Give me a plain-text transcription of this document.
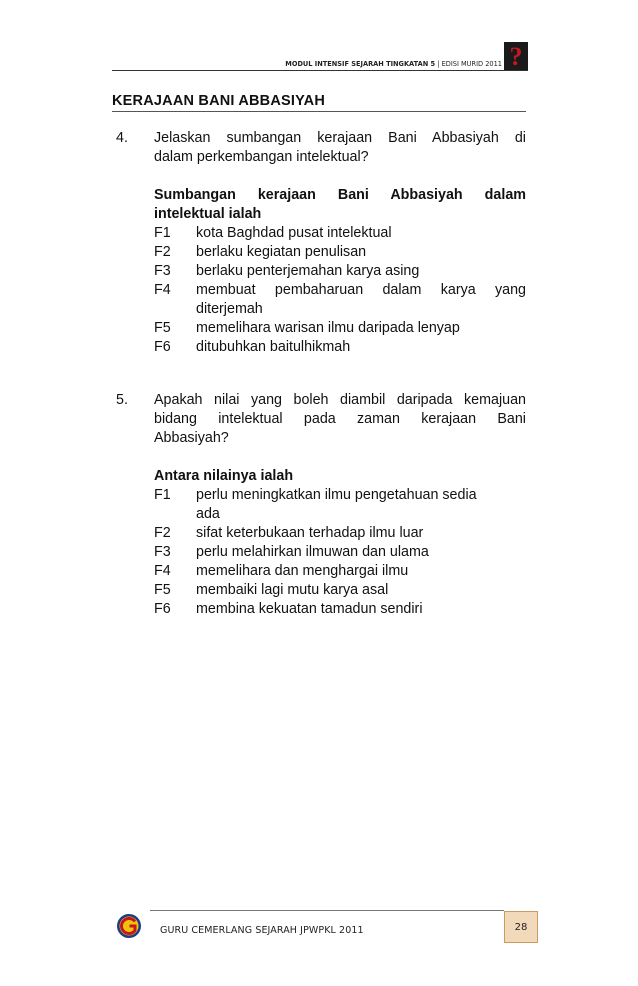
MODUL INTENSIF SEJARAH TINGKATAN 5 | EDISI MURID 2011 ?
KERAJAAN BANI ABBASIYAH
4. Jelaskan sumbangan kerajaan Bani Abbasiyah di
dalam perkembangan intelektual?
Sumbangan kerajaan Bani Abbasiyah dalam
intelektual ialah
F1 kota Baghdad pusat intelektual
F2 berlaku kegiatan penulisan
F3 berlaku penterjemahan karya asing
F4 membuat pembaharuan dalam karya yang
diterjemah
F5 memelihara warisan ilmu daripada lenyap
F6 ditubuhkan baitulhikmah
5. Apakah nilai yang boleh diambil daripada kemajuan
bidang intelektual pada zaman kerajaan Bani
Abbasiyah?
Antara nilainya ialah
F1 perlu meningkatkan ilmu pengetahuan sedia
ada
F2 sifat keterbukaan terhadap ilmu luar
F3 perlu melahirkan ilmuwan dan ulama
F4 memelihara dan menghargai ilmu
F5 membaiki lagi mutu karya asal
F6 membina kekuatan tamadun sendiri
GURU CEMERLANG SEJARAH JPWPKL 2011	28
